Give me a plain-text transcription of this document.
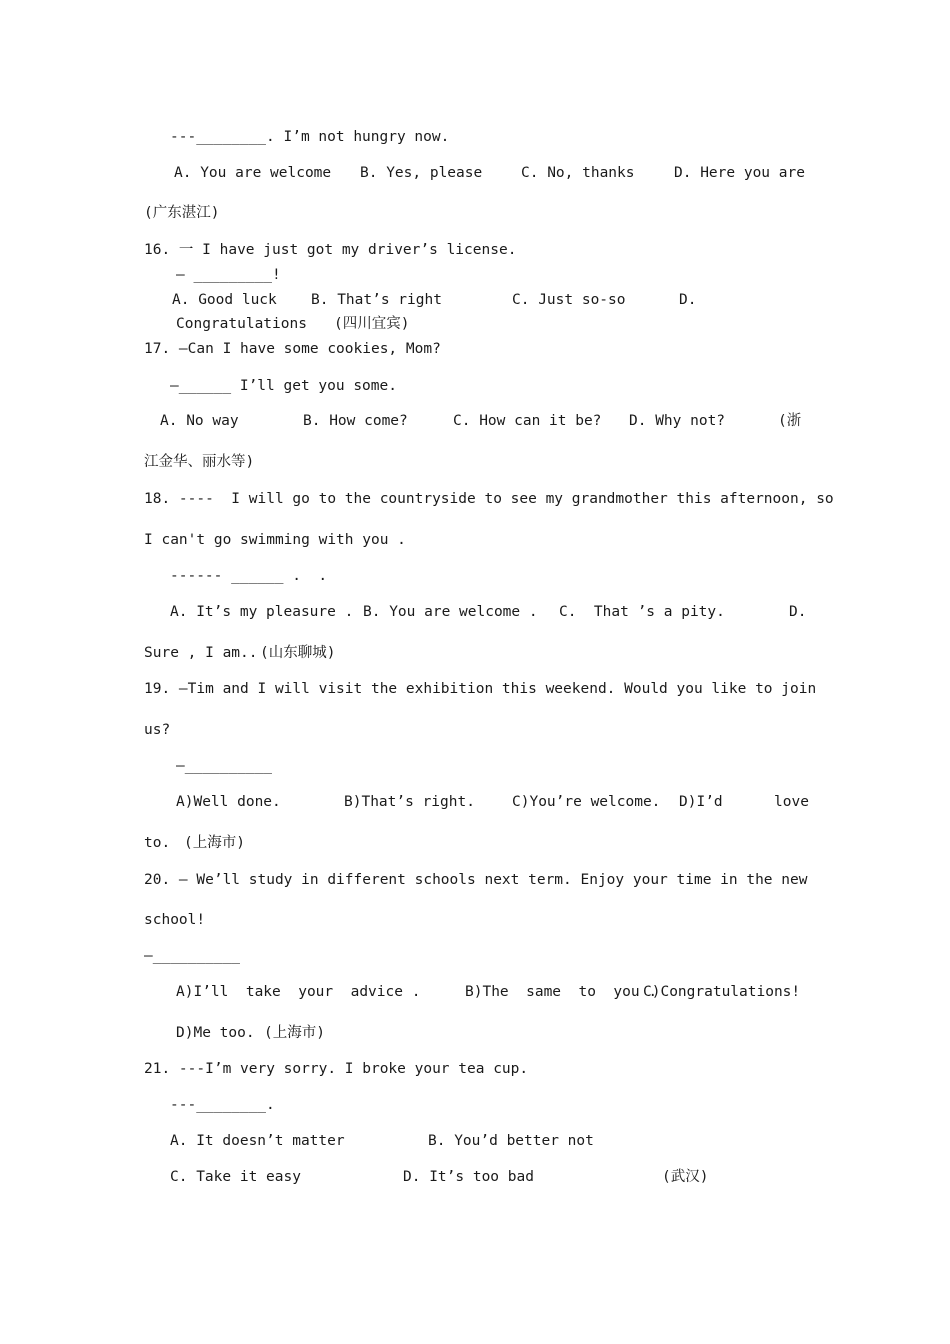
---________. I’m not hungry now.
A. You are welcome B. Yes, please	C. No, thanks	D. Here you are
(广东湛江)
16. 一 I have just got my driver’s license.
— _________!
A. Good luck B. That’s right	C. Just so-so	D.
Congratulations (四川宜宾)
17. —Can I have some cookies, Mom?
—______ I’ll get you some.
A. No way	B. How come?	C. How can it be? D. Why not?	(浙
江金华、丽水等)
18. ----  I will go to the countryside to see my grandmother this afternoon, so
I can't go swimming with you .
------ ______ .  .
A. It’s my pleasure . B. You are welcome . C.  That ’s a pity.	D.
Sure , I am.. (山东聊城)
19. —Tim and I will visit the exhibition this weekend. Would you like to join
us?
—__________
A)Well done.	B)That’s right.	C)You’re welcome. D)I’d	love
to. (上海市)
20. — We’ll study in different schools next term. Enjoy your time in the new
school!
—__________
A)I’ll  take  your  advice .	B)The  same  to  you .
C)Congratulations!
D)Me too. (上海市)
21. ---I’m very sorry. I broke your tea cup.
---________.
A. It doesn’t matter	B. You’d better not
C. Take it easy	D. It’s too bad	(武汉)
